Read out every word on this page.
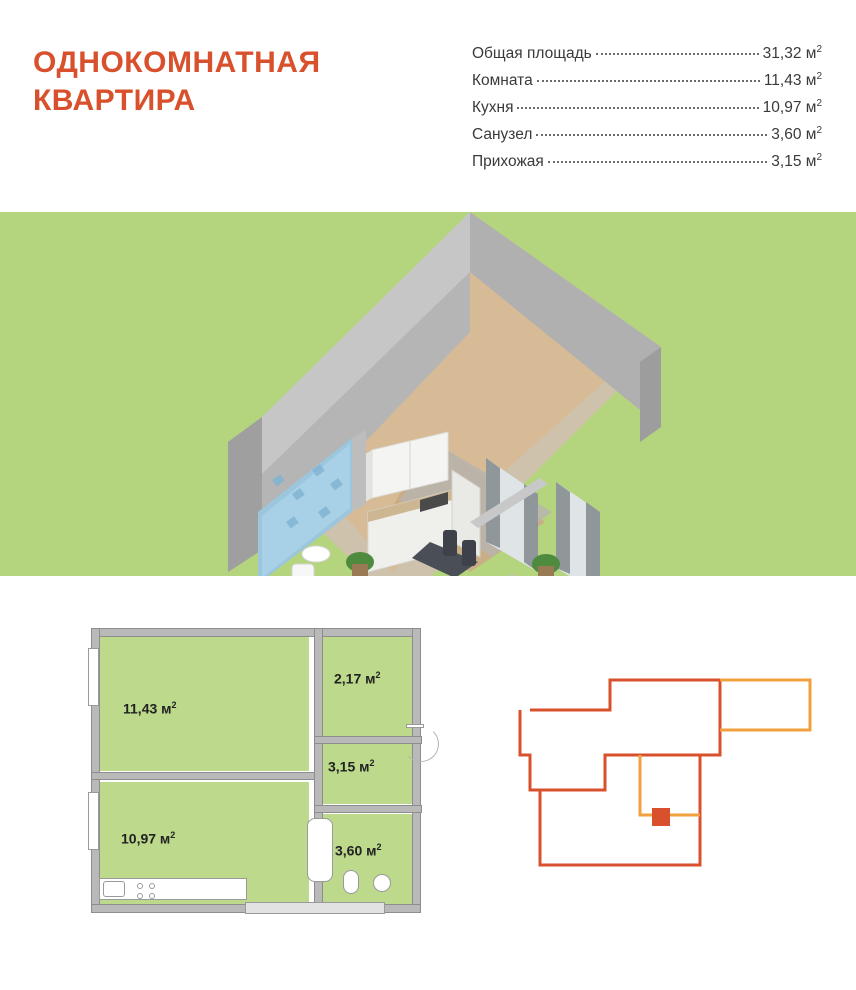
ОДНОКОМНАТНАЯ
КВАРТИРА
Общая площадь	31,32 $м^2$
Комната	11,43 $м^2$
Кухня	10,97 $м^2$
Санузел	3,60 $м^2$
Прихожая	3,15 $м^2$
11,43 $м^2$
2,17 $м^2$
3,15 $м^2$
10,97 $м^2$
3,60 $м^2$
